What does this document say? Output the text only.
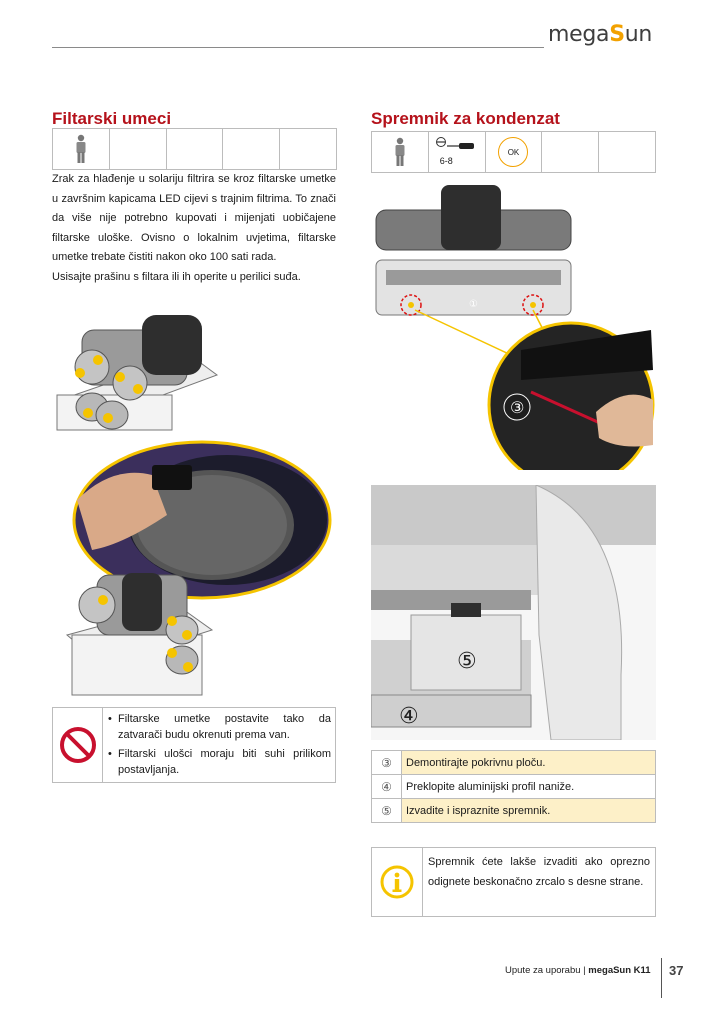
megaSun
Filtarski umeci

Zrak za hlađenje u solariju filtrira se kroz filtarske umetke u završnim kapicama LED cijevi s trajnim filtrima. To znači da više nije potrebno kupovati i mijenjati uobičajene filtarske uloške. Ovisno o lokalnim uvjetima, filtarske umetke trebate čistiti nakon oko 100 sati rada.

Usisajte prašinu s filtara ili ih operite u perilici suđa.

• Filtarske umetke postavite tako da zatvarači budu okrenuti prema van.
• Filtarski ulošci moraju biti suhi prilikom postavljanja.
Spremnik za kondenzat
6-8
OK
①
③
⑤
④
③	Demontirajte pokrivnu ploču.
④	Preklopite aluminijski profil naniže.
⑤	Izvadite i ispraznite spremnik.
Spremnik ćete lakše izvaditi ako oprezno odignete beskonačno zrcalo s desne strane.
Upute za uporabu | megaSun K11 37
